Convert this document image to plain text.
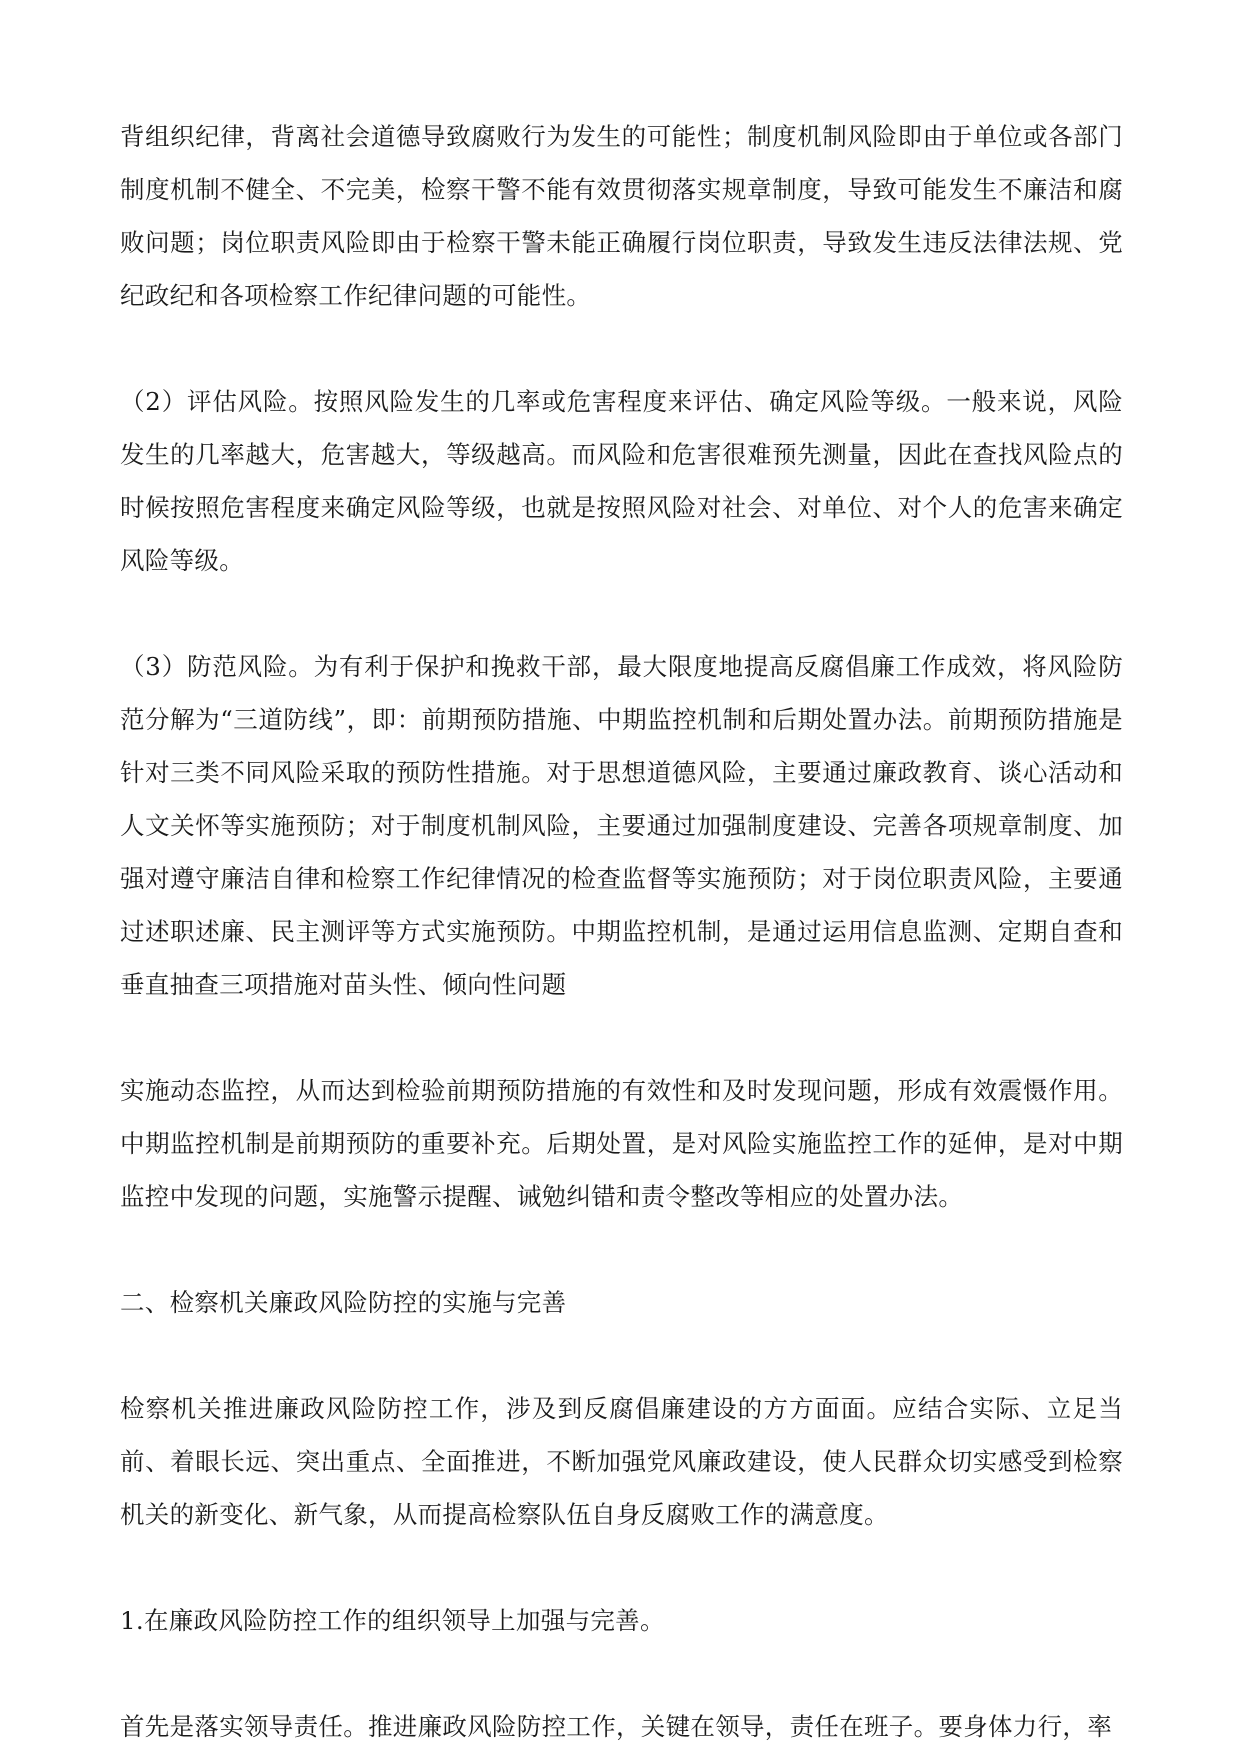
背组织纪律，背离社会道德导致腐败行为发生的可能性；制度机制风险即由于单位或各部门制度机制不健全、不完美，检察干警不能有效贯彻落实规章制度，导致可能发生不廉洁和腐败问题；岗位职责风险即由于检察干警未能正确履行岗位职责，导致发生违反法律法规、党纪政纪和各项检察工作纪律问题的可能性。

（2）评估风险。按照风险发生的几率或危害程度来评估、确定风险等级。一般来说，风险发生的几率越大，危害越大，等级越高。而风险和危害很难预先测量，因此在查找风险点的时候按照危害程度来确定风险等级，也就是按照风险对社会、对单位、对个人的危害来确定风险等级。

（3）防范风险。为有利于保护和挽救干部，最大限度地提高反腐倡廉工作成效，将风险防范分解为“三道防线”，即：前期预防措施、中期监控机制和后期处置办法。前期预防措施是针对三类不同风险采取的预防性措施。对于思想道德风险，主要通过廉政教育、谈心活动和人文关怀等实施预防；对于制度机制风险，主要通过加强制度建设、完善各项规章制度、加强对遵守廉洁自律和检察工作纪律情况的检查监督等实施预防；对于岗位职责风险，主要通过述职述廉、民主测评等方式实施预防。中期监控机制，是通过运用信息监测、定期自查和垂直抽查三项措施对苗头性、倾向性问题

实施动态监控，从而达到检验前期预防措施的有效性和及时发现问题，形成有效震慑作用。中期监控机制是前期预防的重要补充。后期处置，是对风险实施监控工作的延伸，是对中期监控中发现的问题，实施警示提醒、诫勉纠错和责令整改等相应的处置办法。

二、检察机关廉政风险防控的实施与完善

检察机关推进廉政风险防控工作，涉及到反腐倡廉建设的方方面面。应结合实际、立足当前、着眼长远、突出重点、全面推进，不断加强党风廉政建设，使人民群众切实感受到检察机关的新变化、新气象，从而提高检察队伍自身反腐败工作的满意度。

1.在廉政风险防控工作的组织领导上加强与完善。

首先是落实领导责任。推进廉政风险防控工作，关键在领导，责任在班子。要身体力行，率
